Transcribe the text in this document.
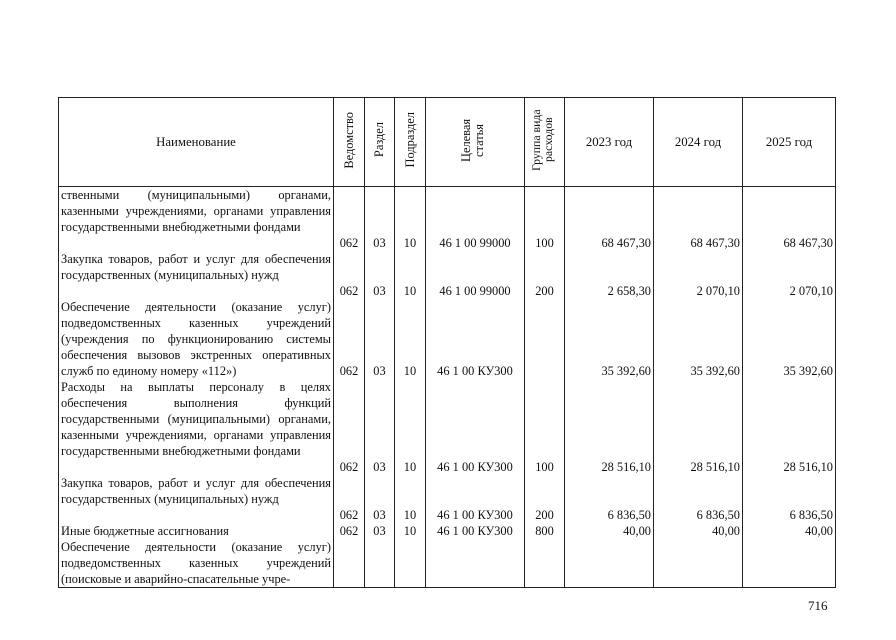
Наименование	Ведомство	Раздел	Подраздел	Целевая статья	Группа вида расходов	2023 год	2024 год	2025 год
ственными (муниципальными) органами, казенными учреждениями, органами управления государственными внебюджетными фондами	062	03	10	46 1 00 99000	100	68 467,30	68 467,30	68 467,30
Закупка товаров, работ и услуг для обеспечения государственных (муниципальных) нужд	062	03	10	46 1 00 99000	200	2 658,30	2 070,10	2 070,10
Обеспечение деятельности (оказание услуг) подведомственных казенных учреждений (учреждения по функционированию системы обеспечения вызовов экстренных оперативных служб по единому номеру «112»)	062	03	10	46 1 00 КУ300		35 392,60	35 392,60	35 392,60
Расходы на выплаты персоналу в целях обеспечения выполнения функций государственными (муниципальными) органами, казенными учреждениями, органами управления государственными внебюджетными фондами	062	03	10	46 1 00 КУ300	100	28 516,10	28 516,10	28 516,10
Закупка товаров, работ и услуг для обеспечения государственных (муниципальных) нужд	062	03	10	46 1 00 КУ300	200	6 836,50	6 836,50	6 836,50
Иные бюджетные ассигнования	062	03	10	46 1 00 КУ300	800	40,00	40,00	40,00
Обеспечение деятельности (оказание услуг) подведомственных казенных учреждений (поисковые и аварийно-спасательные учре-								
716
